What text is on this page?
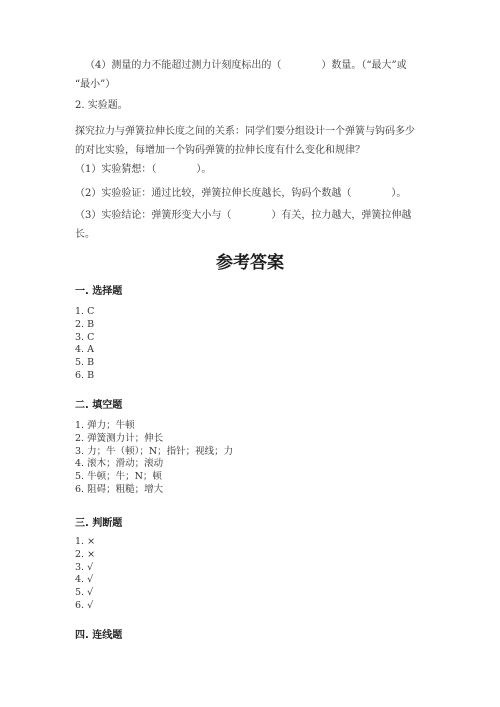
（4）测量的力不能超过测力计刻度标出的（　　　　）数量。（“最大”或
“最小”）
2. 实验题。
探究拉力与弹簧拉伸长度之间的关系：同学们要分组设计一个弹簧与钩码多少
的对比实验，每增加一个钩码弹簧的拉伸长度有什么变化和规律？
（1）实验猜想：（　　　　）。
（2）实验验证：通过比较，弹簧拉伸长度越长，钩码个数越（　　　　）。
（3）实验结论：弹簧形变大小与（　　　　）有关，拉力越大，弹簧拉伸越
长。
参考答案
一. 选择题
1. C
2. B
3. C
4. A
5. B
6. B
二. 填空题
1. 弹力；牛顿
2. 弹簧测力计；伸长
3. 力；牛（顿）；N；指针；视线；力
4. 滚木；滑动；滚动
5. 牛顿；牛；N；顿
6. 阻碍；粗糙；增大
三. 判断题
1. ×
2. ×
3. √
4. √
5. √
6. √
四. 连线题
